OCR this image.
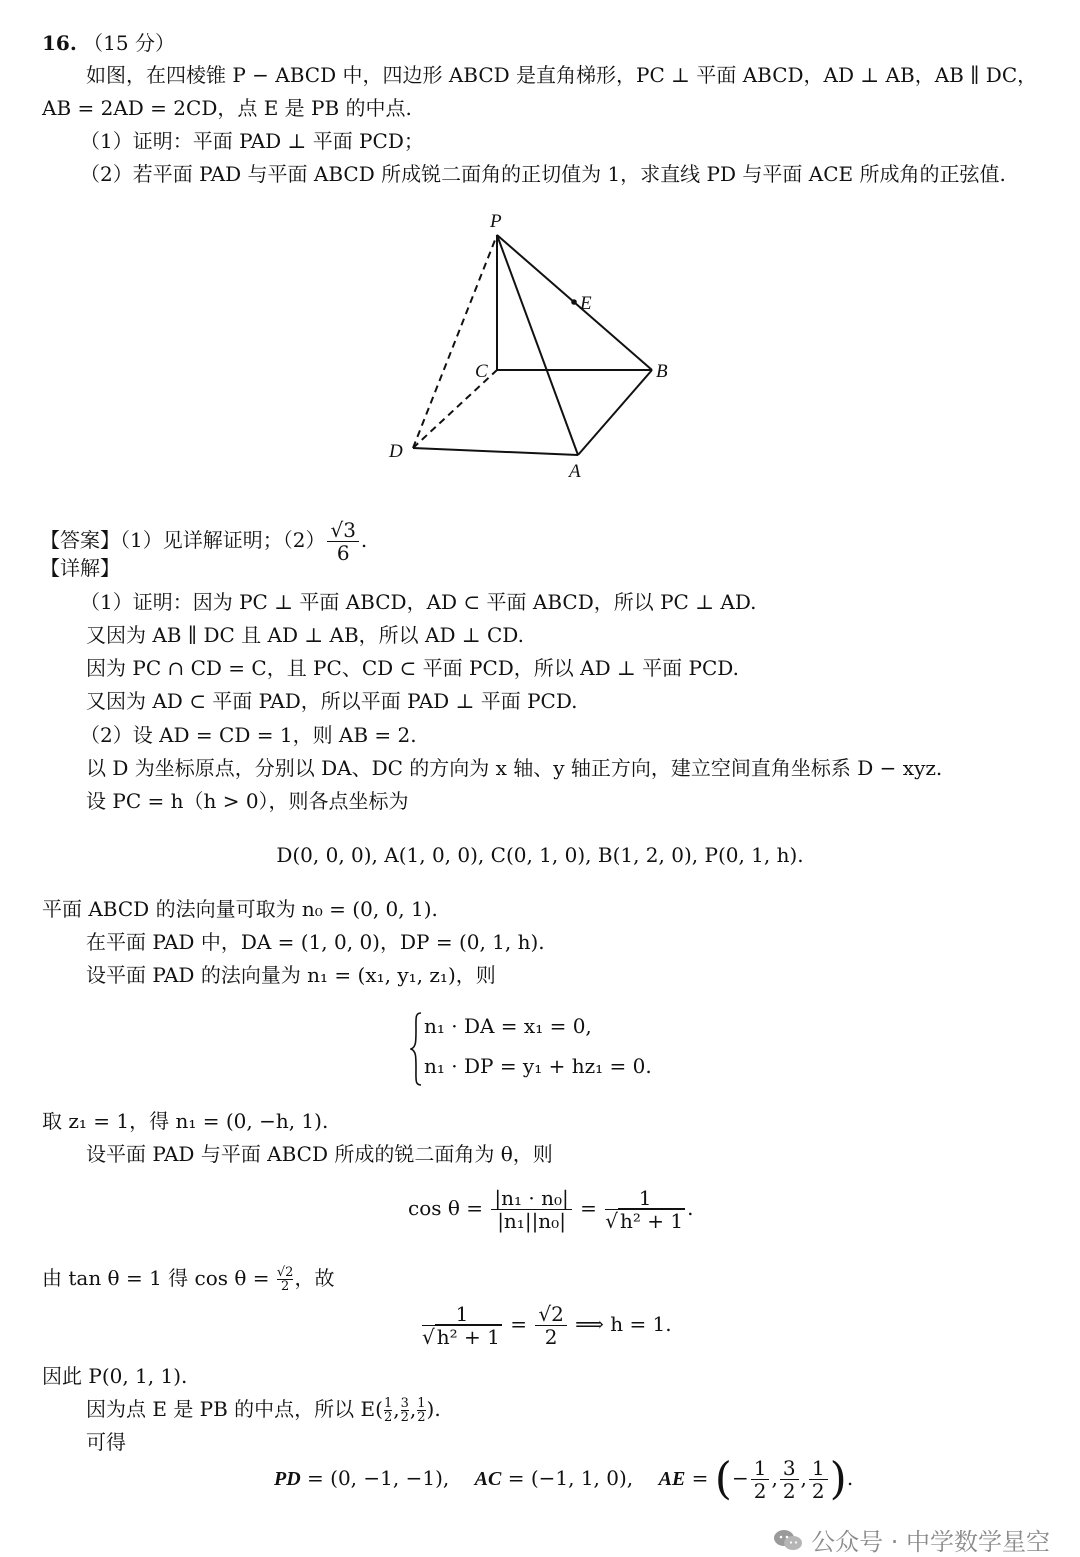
16. （15 分）
如图，在四棱锥 P − ABCD 中，四边形 ABCD 是直角梯形，PC ⊥ 平面 ABCD，AD ⊥ AB，AB ∥ DC，
AB = 2AD = 2CD，点 E 是 PB 的中点.
（1）证明：平面 PAD ⊥ 平面 PCD；
（2）若平面 PAD 与平面 ABCD 所成锐二面角的正切值为 1，求直线 PD 与平面 ACE 所成角的正弦值.
P
E
C	B
D
A
【答案】（1）见详解证明；$(2) \frac{√3}{6}$ .
【详解】
（1）证明：因为 PC ⊥ 平面 ABCD，AD ⊂ 平面 ABCD，所以 PC ⊥ AD.
又因为 AB ∥ DC 且 AD ⊥ AB，所以 AD ⊥ CD.
因为 PC ∩ CD = C，且 PC、CD ⊂ 平面 PCD，所以 AD ⊥ 平面 PCD.
又因为 AD ⊂ 平面 PAD，所以平面 PAD ⊥ 平面 PCD.
（2）设 AD = CD = 1，则 AB = 2.
以 D 为坐标原点，分别以 DA、DC 的方向为 x 轴、y 轴正方向，建立空间直角坐标系 D − xyz.
设 PC = h（h > 0），则各点坐标为
D(0, 0, 0), A(1, 0, 0), C(0, 1, 0), B(1, 2, 0), P(0, 1, h).
平面 ABCD 的法向量可取为 n₀ = (0, 0, 1).
在平面 PAD 中，DA = (1, 0, 0)，DP = (0, 1, h).
设平面 PAD 的法向量为 n₁ = (x₁, y₁, z₁)，则
n₁ · DA = x₁ = 0,
n₁ · DP = y₁ + hz₁ = 0.
取 z₁ = 1，得 n₁ = (0, −h, 1).
设平面 PAD 与平面 ABCD 所成的锐二面角为 θ，则
$\cos \theta = \frac{\text{|n₁ · n₀|}}{\text{|n₁||n₀|}} = \frac{1}{\text{√ h² + 1}}$ .
由 tan θ = 1 得 $\cos \theta = \frac{√2}{2}$ ，故
$\frac{1}{\text{√ h² + 1}} = \frac{√2}{2}$ ⟹ h = 1.
因此 P(0, 1, 1).
因为点 E 是 PB 的中点，所以 $E( \frac{1}{2}$ , $\frac{3}{2}$ , $\frac{1}{2}$ ).
可得
PD = (0, −1, −1), AC = (−1, 1, 0), AE = (− $\frac{1}{2}$ , $\frac{3}{2}$ , $\frac{1}{2}$ ).
公众号 · 中学数学星空
